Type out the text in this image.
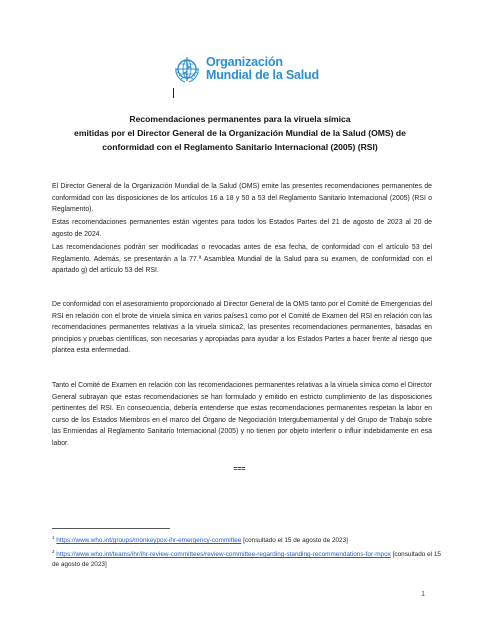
Organización
Mundial de la Salud
Recomendaciones permanentes para la viruela símica
emitidas por el Director General de la Organización Mundial de la Salud (OMS) de
conformidad con el Reglamento Sanitario Internacional (2005) (RSI)
El Director General de la Organización Mundial de la Salud (OMS) emite las presentes recomendaciones permanentes de conformidad con las disposiciones de los artículos 16 a 18 y 50 a 53 del Reglamento Sanitario Internacional (2005) (RSI o Reglamento).
Estas recomendaciones permanentes están vigentes para todos los Estados Partes del 21 de agosto de 2023 al 20 de agosto de 2024.
Las recomendaciones podrán ser modificadas o revocadas antes de esa fecha, de conformidad con el artículo 53 del Reglamento. Además, se presentarán a la 77.ª Asamblea Mundial de la Salud para su examen, de conformidad con el apartado g) del artículo 53 del RSI.
De conformidad con el asesoramiento proporcionado al Director General de la OMS tanto por el Comité de Emergencias del RSI en relación con el brote de viruela símica en varios países1 como por el Comité de Examen del RSI en relación con las recomendaciones permanentes relativas a la viruela símica2, las presentes recomendaciones permanentes, basadas en principios y pruebas científicas, son necesarias y apropiadas para ayudar a los Estados Partes a hacer frente al riesgo que plantea esta enfermedad.
Tanto el Comité de Examen en relación con las recomendaciones permanentes relativas a la viruela símica como el Director General subrayan que estas recomendaciones se han formulado y emitido en estricto cumplimiento de las disposiciones pertinentes del RSI. En consecuencia, debería entenderse que estas recomendaciones permanentes respetan la labor en curso de los Estados Miembros en el marco del Órgano de Negociación Intergubernamental y del Grupo de Trabajo sobre las Enmiendas al Reglamento Sanitario Internacional (2005) y no tienen por objeto interferir o influir indebidamente en esa labor.
===
$^1$ https://www.who.int/groups/monkeypox-ihr-emergency-committee [consultado el 15 de agosto de 2023]
$^2$ https://www.who.int/teams/ihr/ihr-review-committees/review-committee-regarding-standing-recommendations-for-mpox [consultado el 15 de agosto de 2023]
1
